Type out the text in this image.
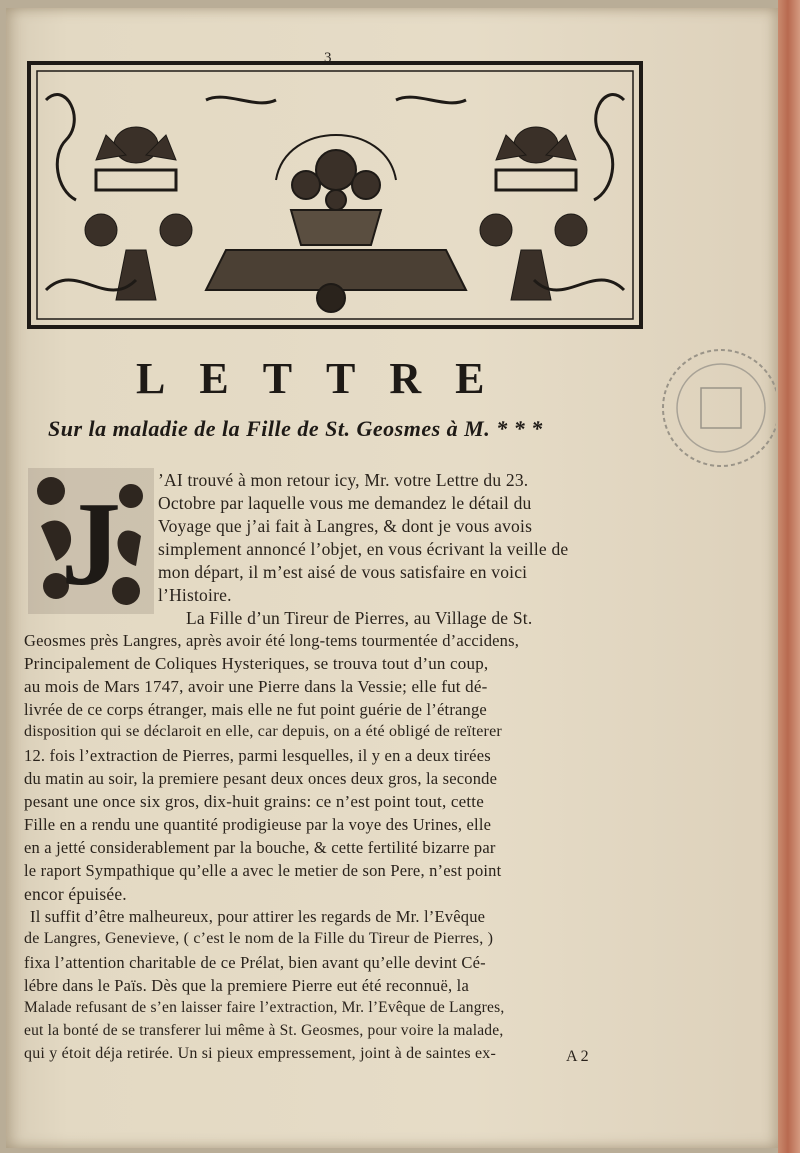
3
LETTRE
Sur la maladie de la Fille de St. Geosmes à M. * * *
J ’AI trouvé à mon retour icy, Mr. votre Lettre du 23.
Octobre par laquelle vous me demandez le détail du
Voyage que j’ai fait à Langres, & dont je vous avois
simplement annoncé l’objet, en vous écrivant la veille de
mon départ, il m’est aisé de vous satisfaire en voici
l’Histoire.
La Fille d’un Tireur de Pierres, au Village de St.
Geosmes près Langres, après avoir été long-tems tourmentée d’accidens,
Principalement de Coliques Hysteriques, se trouva tout d’un coup,
au mois de Mars 1747, avoir une Pierre dans la Vessie; elle fut dé-
livrée de ce corps étranger, mais elle ne fut point guérie de l’étrange
disposition qui se déclaroit en elle, car depuis, on a été obligé de reïterer
12. fois l’extraction de Pierres, parmi lesquelles, il y en a deux tirées
du matin au soir, la premiere pesant deux onces deux gros, la seconde
pesant une once six gros, dix-huit grains: ce n’est point tout, cette
Fille en a rendu une quantité prodigieuse par la voye des Urines, elle
en a jetté considerablement par la bouche, & cette fertilité bizarre par
le raport Sympathique qu’elle a avec le metier de son Pere, n’est point
encor épuisée.
Il suffit d’être malheureux, pour attirer les regards de Mr. l’Evêque
de Langres, Genevieve, ( c’est le nom de la Fille du Tireur de Pierres, )
fixa l’attention charitable de ce Prélat, bien avant qu’elle devint Cé-
lébre dans le Païs. Dès que la premiere Pierre eut été reconnuë, la
Malade refusant de s’en laisser faire l’extraction, Mr. l’Evêque de Langres,
eut la bonté de se transferer lui même à St. Geosmes, pour voire la malade,
qui y étoit déja retirée. Un si pieux empressement, joint à de saintes ex-	A 2
